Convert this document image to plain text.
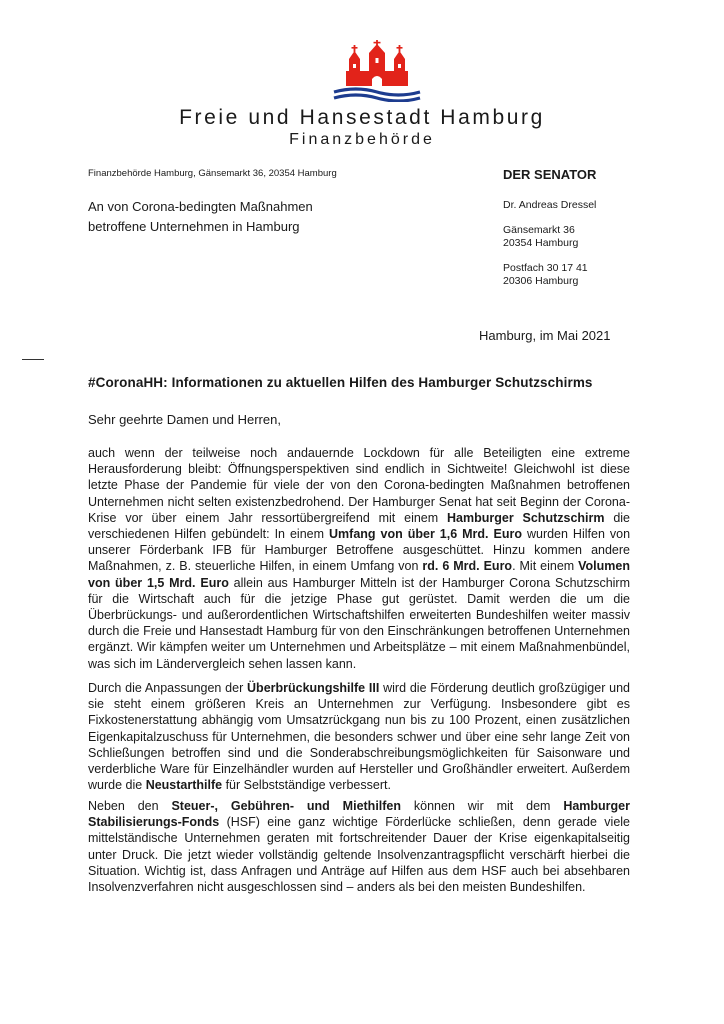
Freie und Hansestadt Hamburg
Finanzbehörde
Finanzbehörde Hamburg, Gänsemarkt 36, 20354 Hamburg
An von Corona-bedingten Maßnahmen
betroffene Unternehmen in Hamburg
DER SENATOR
Dr. Andreas Dressel
Gänsemarkt 36
20354 Hamburg
Postfach 30 17 41
20306 Hamburg
Hamburg, im Mai 2021
#CoronaHH: Informationen zu aktuellen Hilfen des Hamburger Schutzschirms
Sehr geehrte Damen und Herren,

auch wenn der teilweise noch andauernde Lockdown für alle Beteiligten eine extreme Herausforderung bleibt: Öffnungsperspektiven sind endlich in Sichtweite! Gleichwohl ist diese letzte Phase der Pandemie für viele der von den Corona-bedingten Maßnahmen betroffenen Unternehmen nicht selten existenzbedrohend. Der Hamburger Senat hat seit Beginn der Corona-Krise vor über einem Jahr ressortübergreifend mit einem Hamburger Schutzschirm die verschiedenen Hilfen gebündelt: In einem Umfang von über 1,6 Mrd. Euro wurden Hilfen von unserer Förderbank IFB für Hamburger Betroffene ausgeschüttet. Hinzu kommen andere Maßnahmen, z. B. steuerliche Hilfen, in einem Umfang von rd. 6 Mrd. Euro. Mit einem Volumen von über 1,5 Mrd. Euro allein aus Hamburger Mitteln ist der Hamburger Corona Schutzschirm für die Wirtschaft auch für die jetzige Phase gut gerüstet. Damit werden die um die Überbrückungs- und außerordentlichen Wirtschaftshilfen erweiterten Bundeshilfen weiter massiv durch die Freie und Hansestadt Hamburg für von den Einschränkungen betroffenen Unternehmen ergänzt. Wir kämpfen weiter um Unternehmen und Arbeitsplätze – mit einem Maßnahmenbündel, was sich im Ländervergleich sehen lassen kann.

Durch die Anpassungen der Überbrückungshilfe III wird die Förderung deutlich großzügiger und sie steht einem größeren Kreis an Unternehmen zur Verfügung. Insbesondere gibt es Fixkostenerstattung abhängig vom Umsatzrückgang nun bis zu 100 Prozent, einen zusätzlichen Eigenkapitalzuschuss für Unternehmen, die besonders schwer und über eine sehr lange Zeit von Schließungen betroffen sind und die Sonderabschreibungsmöglichkeiten für Saisonware und verderbliche Ware für Einzelhändler wurden auf Hersteller und Großhändler erweitert. Außerdem wurde die Neustarthilfe für Selbstständige verbessert.

Neben den Steuer-, Gebühren- und Miethilfen können wir mit dem Hamburger Stabilisierungs-Fonds (HSF) eine ganz wichtige Förderlücke schließen, denn gerade viele mittelständische Unternehmen geraten mit fortschreitender Dauer der Krise eigenkapitalseitig unter Druck. Die jetzt wieder vollständig geltende Insolvenzantragspflicht verschärft hierbei die Situation. Wichtig ist, dass Anfragen und Anträge auf Hilfen aus dem HSF auch bei absehbaren Insolvenzverfahren nicht ausgeschlossen sind – anders als bei den meisten Bundeshilfen.
